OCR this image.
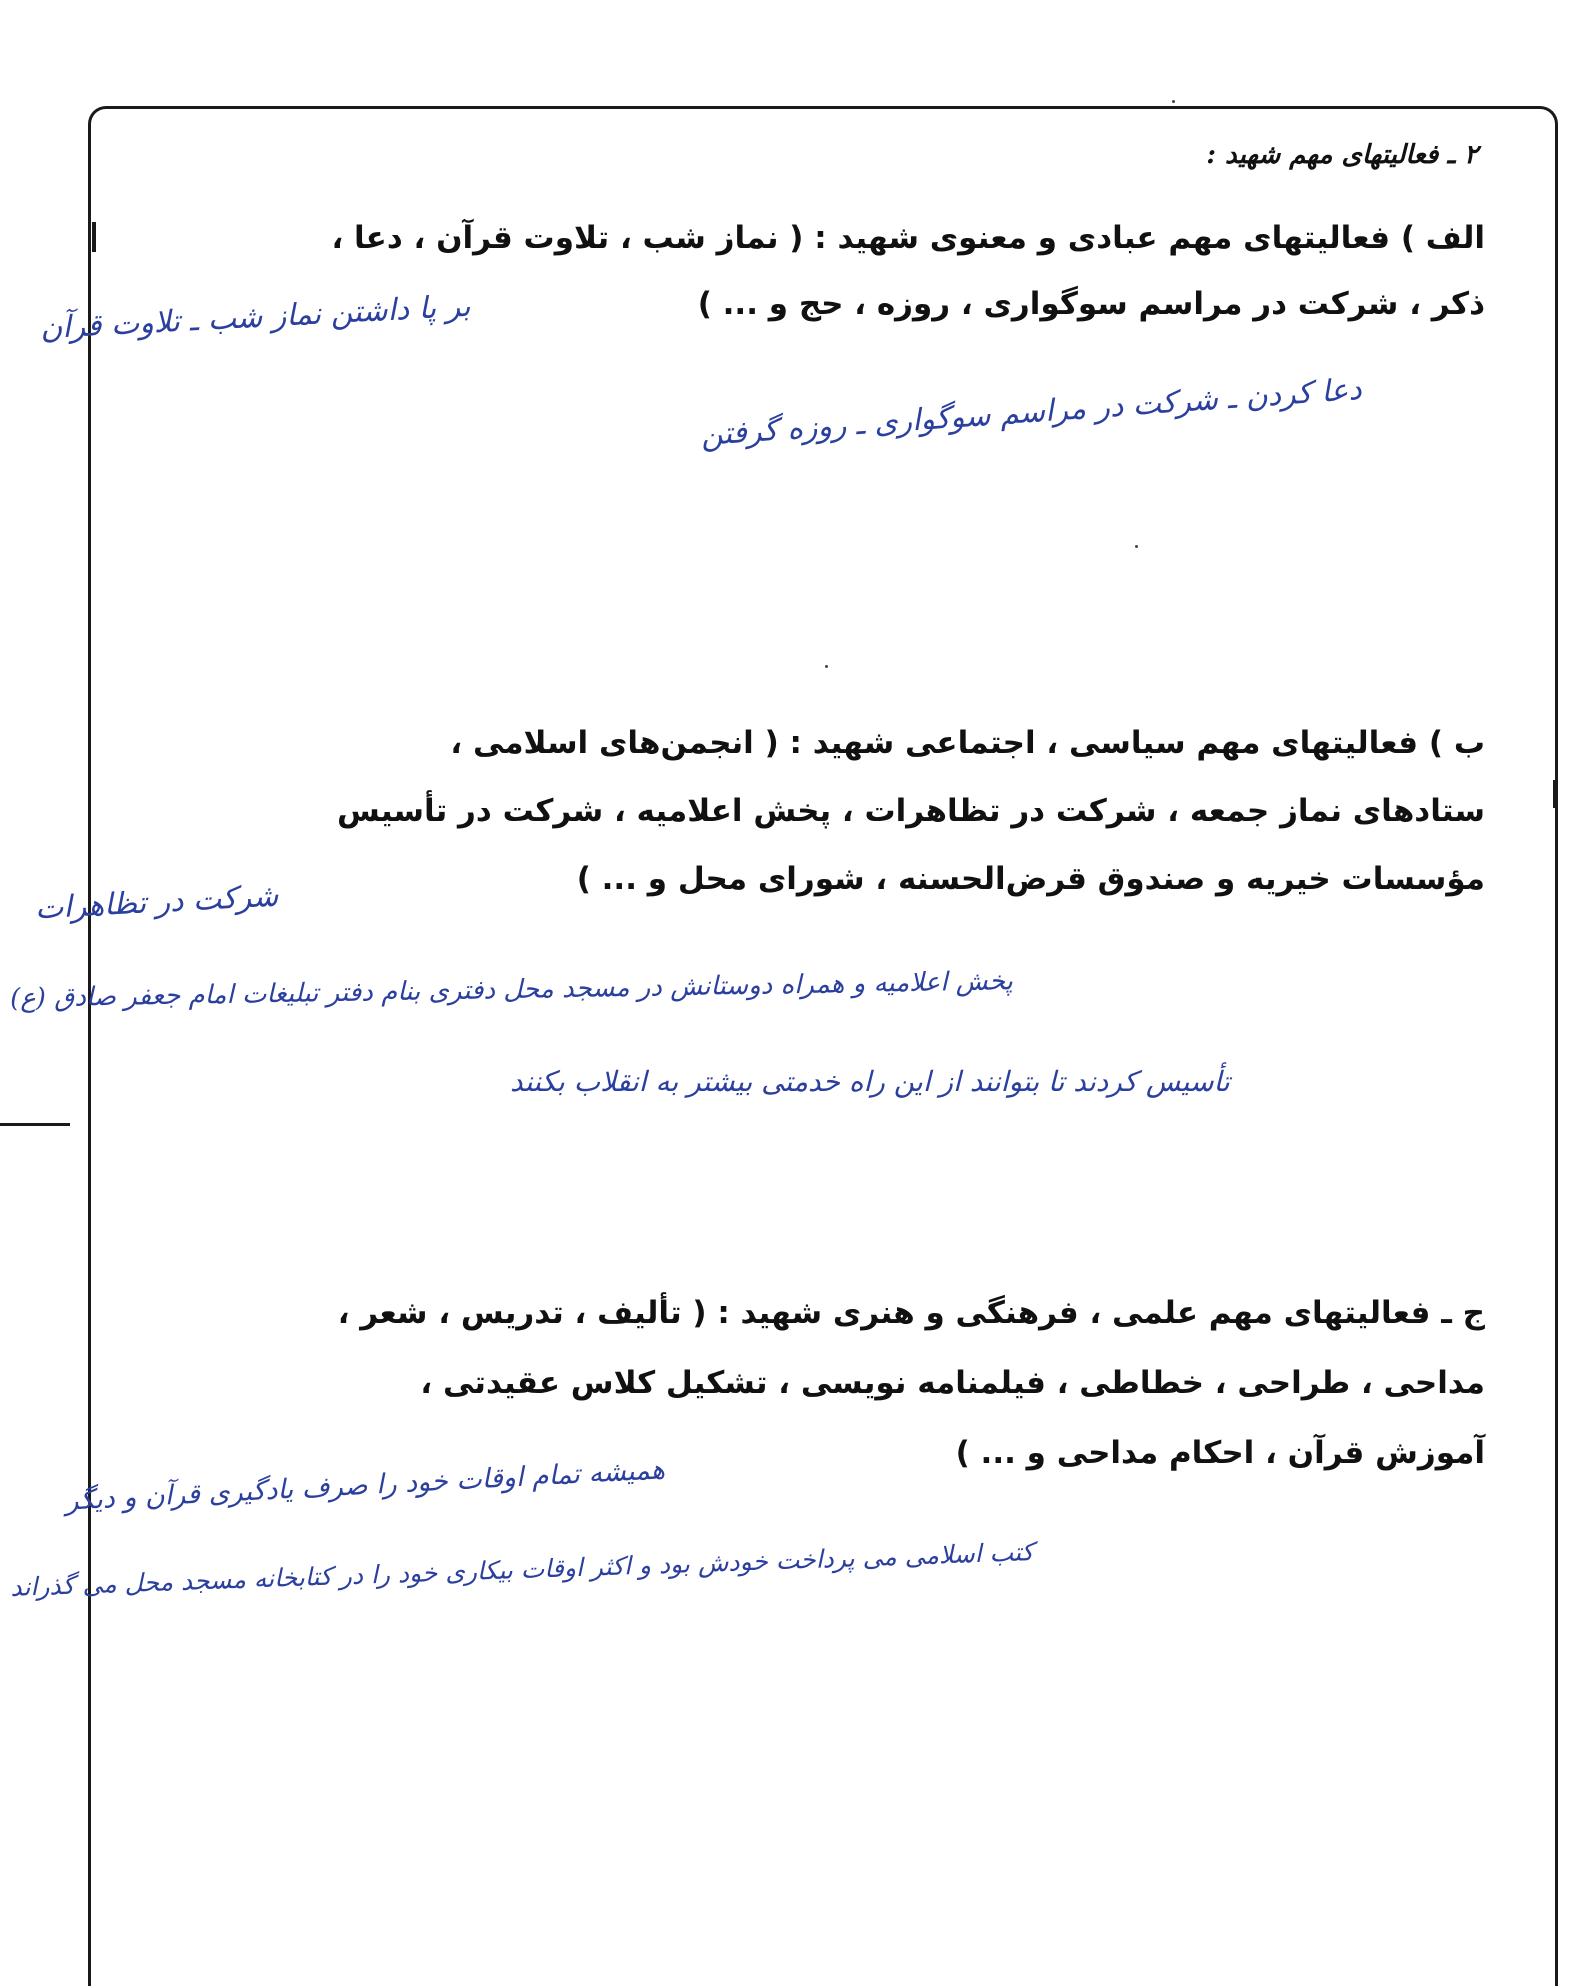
۲ ـ فعالیتهای مهم شهید :
الف ) فعالیتهای مهم عبادی و معنوی شهید : ( نماز شب ، تلاوت قرآن ، دعا ،
ذکر ، شرکت در مراسم سوگواری ، روزه ، حج و ... )
بر پا داشتن نماز شب ـ تلاوت قرآن
دعا کردن ـ شرکت در مراسم سوگواری ـ روزه گرفتن
ب ) فعالیتهای مهم سیاسی ، اجتماعی شهید : ( انجمن‌های اسلامی ،
ستادهای نماز جمعه ، شرکت در تظاهرات ، پخش اعلامیه ، شرکت در تأسیس
مؤسسات خیریه و صندوق قرض‌الحسنه ، شورای محل و ... )
شرکت در تظاهرات
پخش اعلامیه و همراه دوستانش در مسجد محل دفتری بنام دفتر تبلیغات امام جعفر صادق (ع)
تأسیس کردند تا بتوانند از این راه خدمتی بیشتر به انقلاب بکنند
ج ـ فعالیتهای مهم علمی ، فرهنگی و هنری شهید : ( تألیف ، تدریس ، شعر ،
مداحی ، طراحی ، خطاطی ، فیلمنامه نویسی ، تشکیل کلاس عقیدتی ،
آموزش قرآن ، احکام مداحی و ... )
همیشه تمام اوقات خود را صرف یادگیری قرآن و دیگر
کتب اسلامی می پرداخت خودش بود و اکثر اوقات بیکاری خود را در کتابخانه مسجد محل می گذراند
